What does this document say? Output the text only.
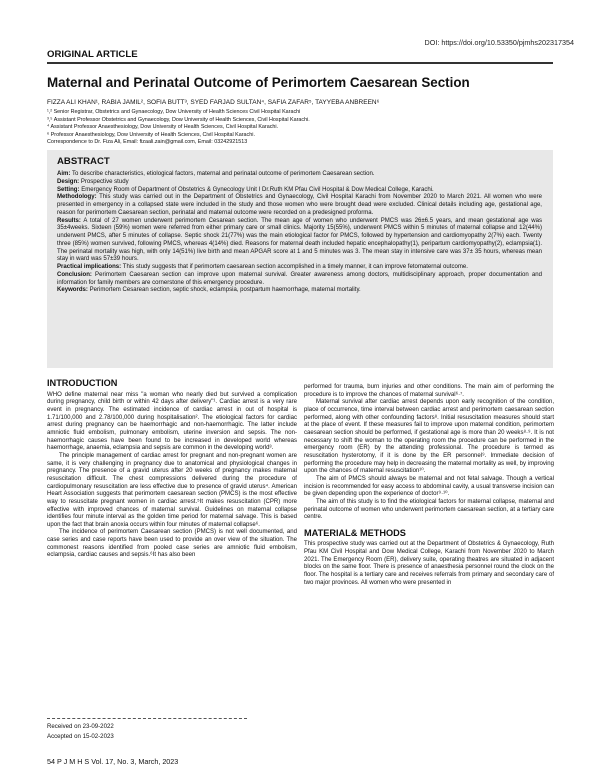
DOI: https://doi.org/10.53350/pjmhs202317354
ORIGINAL ARTICLE
Maternal and Perinatal Outcome of Perimortem Caesarean Section
FIZZA ALI KHAN¹, RABIA JAMIL², SOFIA BUTT³, SYED FARJAD SULTAN⁴, SAFIA ZAFAR⁵, TAYYEBA ANBREEN⁶
¹,² Senior Registrar, Obstetrics and Gynaecology, Dow University of Health Sciences Civil Hospital Karachi
³,⁵ Assistant Professor Obstetrics and Gynaecology, Dow University of Health Sciences, Civil Hospital Karachi.
⁴ Assistant Professor Anaesthesiology, Dow University of Health Sciences, Civil Hospital Karachi.
⁶ Professor Anaesthesiology, Dow University of Health Sciences, Civil Hospital Karachi.
Correspondence to Dr. Fiza Ali, Email: fizaali.zain@gmail.com, Email: 03242921513
ABSTRACT

Aim: To describe characteristics, etiological factors, maternal and perinatal outcome of perimortem Caesarean section.

Design: Prospective study

Setting: Emergency Room of Department of Obstetrics & Gynecology Unit I Dr.Ruth KM Pfau Civil Hospital & Dow Medical College, Karachi.

Methodology: This study was carried out in the Department of Obstetrics and Gynaecology, Civil Hospital Karachi from November 2020 to March 2021. All women who were presented in emergency in a collapsed state were included in the study and those women who were brought dead were excluded. Clinical details including age, gestational age, reason for perimortem Caesarean section, perinatal and maternal outcome were recorded on a predesigned proforma.

Results: A total of 27 women underwent perimortem Cesarean section. The mean age of women who underwent PMCS was 26±6.5 years, and mean gestational age was 35±4weeks. Sixteen (59%) women were referred from either primary care or small clinics. Majority 15(55%), underwent PMCS within 5 minutes of maternal collapse and 12(44%) underwent PMCS, after 5 minutes of collapse. Septic shock 21(77%) was the main etiological factor for PMCS, followed by hypertension and cardiomyopathy 2(7%) each. Twenty three (85%) women survived, following PMCS, whereas 4(14%) died. Reasons for maternal death included hepatic encephalopathy(1), peripartum cardiomyopathy(2), eclampsia(1). The perinatal mortality was high, with only 14(51%) live birth and mean APGAR score at 1 and 5 minutes was 3. The mean stay in intensive care was 37± 35 hours, whereas mean stay in ward was 57±39 hours.

Practical implications: This study suggests that if perimortem caesarean section accomplished in a timely manner, it can improve fetomaternal outcome.

Conclusion: Perimortem Caesarean section can improve upon maternal survival. Greater awareness among doctors, multidisciplinary approach, proper documentation and information for family members are cornerstone of this emergency procedure.

Keywords: Perimortem Cesarean section, septic shock, eclampsia, postpartum haemorrhage, maternal mortality.

INTRODUCTION

WHO define maternal near miss "a woman who nearly died but survived a complication during pregnancy, child birth or within 42 days after delivery"¹. Cardiac arrest is a very rare event in pregnancy. The estimated incidence of cardiac arrest in out of hospital is 1.71/100,000 and 2.78/100,000 during hospitalisation². The etiological factors for cardiac arrest during pregnancy can be haemorrhagic and non-haemorrhagic. The latter include amniotic fluid embolism, pulmonary embolism, uterine inversion and sepsis. The non-haemorrhagic causes have been found to be increased in developed world whereas haemorrhage, anaemia, eclampsia and sepsis are common in the developing world³.

The principle management of cardiac arrest for pregnant and non-pregnant women are same, it is very challenging in pregnancy due to anatomical and physiological changes in pregnancy. The presence of a gravid uterus after 20 weeks of pregnancy makes maternal resuscitation difficult. The chest compressions delivered during the procedure of cardiopulmonary resuscitation are less effective due to presence of gravid uterus⁴. American Heart Association suggests that perimortem caesarean section (PMCS) is the most effective way to resuscitate pregnant women in cardiac arrest.⁵It makes resuscitation (CPR) more effective with improved chances of maternal survival. Guidelines on maternal collapse identifies four minute interval as the golden time period for maternal salvage. This is based upon the fact that brain anoxia occurs within four minutes of maternal collapse⁶.

The incidence of perimortem Caesarean section (PMCS) is not well documented, and case series and case reports have been used to provide an over view of the situation. The commonest reasons identified from pooled case series are amniotic fluid embolism, eclampsia, cardiac causes and sepsis.⁶It has also been

Received on 23-09-2022
Accepted on 15-02-2023

performed for trauma, burn injuries and other conditions. The main aim of performing the procedure is to improve the chances of maternal survival⁶·⁷.

Maternal survival after cardiac arrest depends upon early recognition of the condition, place of occurrence, time interval between cardiac arrest and perimortem caesarean section performed, along with other confounding factors⁸. Initial resuscitation measures should start at the place of event. If these measures fail to improve upon maternal condition, perimortem caesarean section should be performed, if gestational age is more than 20 weeks⁸·⁹. It is not necessary to shift the woman to the operating room the procedure can be performed in the emergency room (ER) by the attending professional. The procedure is termed as resuscitation hysterotomy, if it is done by the ER personnel⁹. Immediate decision of performing the procedure may help in decreasing the maternal mortality as well, by improving upon the chances of maternal resuscitation¹⁰.

The aim of PMCS should always be maternal and not fetal salvage. Though a vertical incision is recommended for easy access to abdominal cavity, a usual transverse incision can be given depending upon the experience of doctor⁹·¹⁰.

The aim of this study is to find the etiological factors for maternal collapse, maternal and perinatal outcome of women who underwent perimortem caesarean section, at a tertiary care centre.

MATERIAL& METHODS

This prospective study was carried out at the Department of Obstetrics & Gynaecology, Ruth Pfau KM Civil Hospital and Dow Medical College, Karachi from November 2020 to March 2021. The Emergency Room (ER), delivery suite, operating theatres are situated in adjacent blocks on the same floor. There is presence of anaesthesia personnel round the clock on the floor. The hospital is a tertiary care and receives referrals from primary and secondary care of two major provinces. All women who were presented in

54 P J M H S Vol. 17, No. 3, March, 2023
